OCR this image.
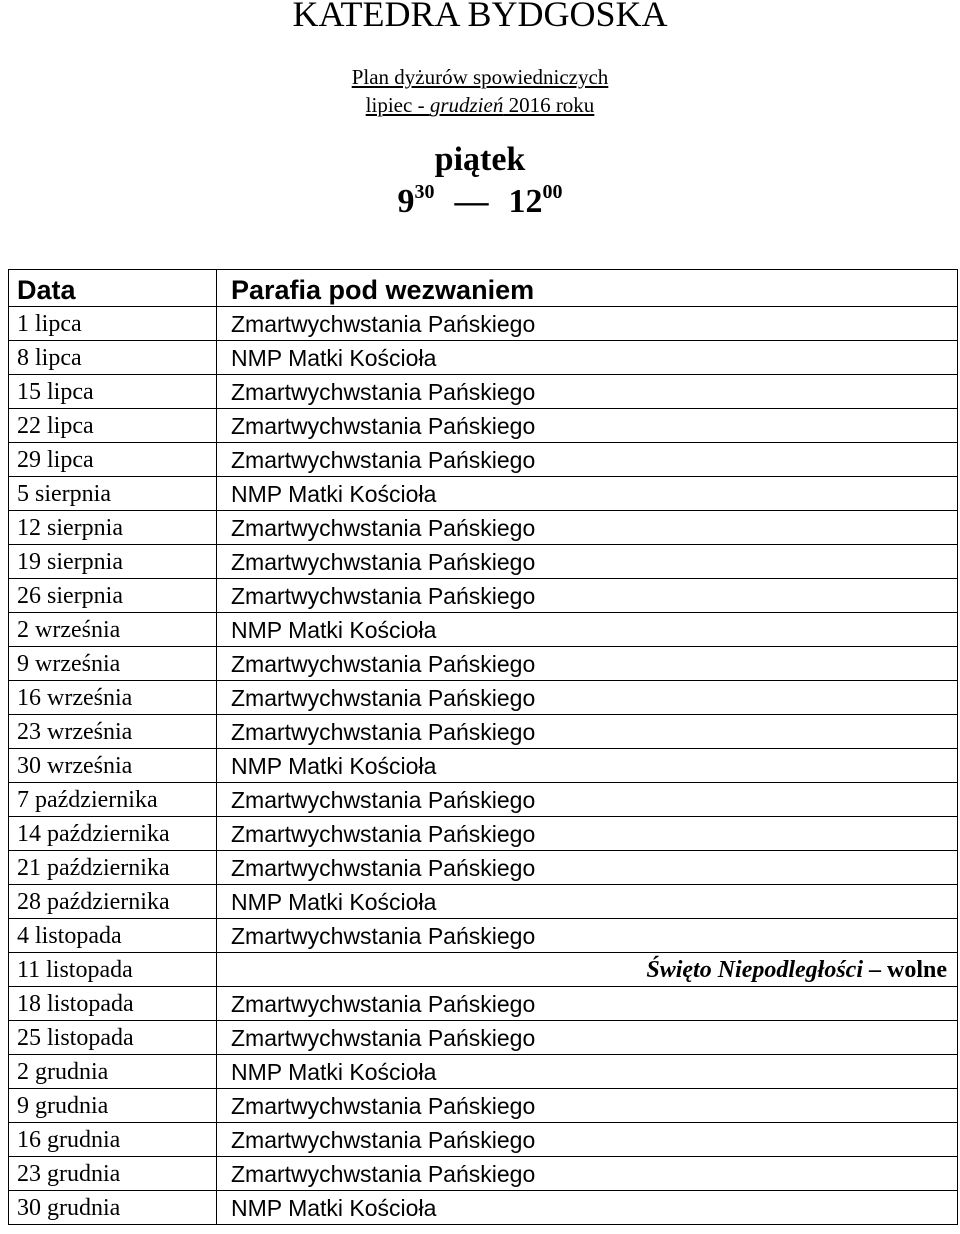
KATEDRA BYDGOSKA
Plan dyżurów spowiedniczych
lipiec - grudzień 2016 roku
piątek
$9^{30}$ — $12^{00}$
Data	Parafia pod wezwaniem
1 lipca	Zmartwychwstania Pańskiego
8 lipca	NMP Matki Kościoła
15 lipca	Zmartwychwstania Pańskiego
22 lipca	Zmartwychwstania Pańskiego
29 lipca	Zmartwychwstania Pańskiego
5 sierpnia	NMP Matki Kościoła
12 sierpnia	Zmartwychwstania Pańskiego
19 sierpnia	Zmartwychwstania Pańskiego
26 sierpnia	Zmartwychwstania Pańskiego
2 września	NMP Matki Kościoła
9 września	Zmartwychwstania Pańskiego
16 września	Zmartwychwstania Pańskiego
23 września	Zmartwychwstania Pańskiego
30 września	NMP Matki Kościoła
7 października	Zmartwychwstania Pańskiego
14 października	Zmartwychwstania Pańskiego
21 października	Zmartwychwstania Pańskiego
28 października	NMP Matki Kościoła
4 listopada	Zmartwychwstania Pańskiego
11 listopada	Święto Niepodległości – wolne
18 listopada	Zmartwychwstania Pańskiego
25 listopada	Zmartwychwstania Pańskiego
2 grudnia	NMP Matki Kościoła
9 grudnia	Zmartwychwstania Pańskiego
16 grudnia	Zmartwychwstania Pańskiego
23 grudnia	Zmartwychwstania Pańskiego
30 grudnia	NMP Matki Kościoła
